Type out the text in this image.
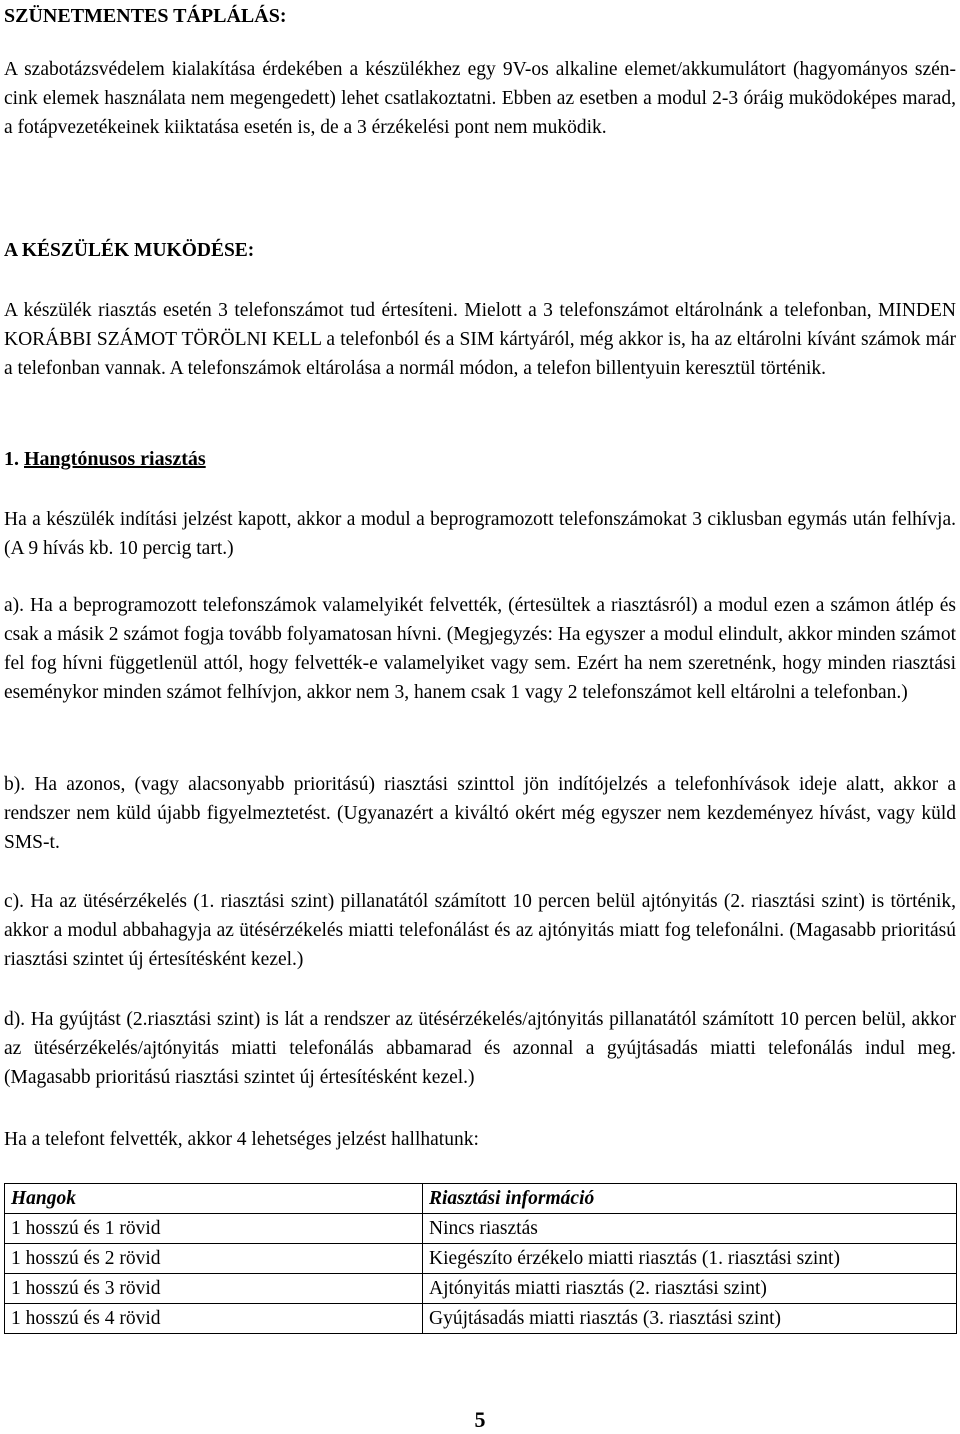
SZÜNETMENTES TÁPLÁLÁS:

A szabotázsvédelem kialakítása érdekében a készülékhez egy 9V-os alkaline elemet/akkumulátort (hagyományos szén-cink elemek használata nem megengedett) lehet csatlakoztatni. Ebben az esetben a modul 2-3 óráig muködoképes marad, a fotápvezetékeinek kiiktatása esetén is, de a 3 érzékelési pont nem muködik.

A KÉSZÜLÉK MUKÖDÉSE:

A készülék riasztás esetén 3 telefonszámot tud értesíteni. Mielott a 3 telefonszámot eltárolnánk a telefonban, MINDEN KORÁBBI SZÁMOT TÖRÖLNI KELL a telefonból és a SIM kártyáról, még akkor is, ha az eltárolni kívánt számok már a telefonban vannak. A telefonszámok eltárolása a normál módon, a telefon billentyuin keresztül történik.

1. Hangtónusos riasztás

Ha a készülék indítási jelzést kapott, akkor a modul a beprogramozott telefonszámokat 3 ciklusban egymás után felhívja. (A 9 hívás kb. 10 percig tart.)

a). Ha a beprogramozott telefonszámok valamelyikét felvették, (értesültek a riasztásról) a modul ezen a számon átlép és csak a másik 2 számot fogja tovább folyamatosan hívni. (Megjegyzés: Ha egyszer a modul elindult, akkor minden számot fel fog hívni függetlenül attól, hogy felvették-e valamelyiket vagy sem. Ezért ha nem szeretnénk, hogy minden riasztási eseménykor minden számot felhívjon, akkor nem 3, hanem csak 1 vagy 2 telefonszámot kell eltárolni a telefonban.)

b). Ha azonos, (vagy alacsonyabb prioritású) riasztási szinttol jön indítójelzés a telefonhívások ideje alatt, akkor a rendszer nem küld újabb figyelmeztetést. (Ugyanazért a kiváltó okért még egyszer nem kezdeményez hívást, vagy küld SMS-t.

c). Ha az ütésérzékelés (1. riasztási szint) pillanatától számított 10 percen belül ajtónyitás (2. riasztási szint) is történik, akkor a modul abbahagyja az ütésérzékelés miatti telefonálást és az ajtónyitás miatt fog telefonálni. (Magasabb prioritású riasztási szintet új értesítésként kezel.)

d). Ha gyújtást (2.riasztási szint) is lát a rendszer az ütésérzékelés/ajtónyitás pillanatától számított 10 percen belül, akkor az ütésérzékelés/ajtónyitás miatti telefonálás abbamarad és azonnal a gyújtásadás miatti telefonálás indul meg. (Magasabb prioritású riasztási szintet új értesítésként kezel.)

Ha a telefont felvették, akkor 4 lehetséges jelzést hallhatunk:

Hangok	Riasztási információ
1 hosszú és 1 rövid	Nincs riasztás
1 hosszú és 2 rövid	Kiegészíto érzékelo miatti riasztás (1. riasztási szint)
1 hosszú és 3 rövid	Ajtónyitás miatti riasztás (2. riasztási szint)
1 hosszú és 4 rövid	Gyújtásadás miatti riasztás (3. riasztási szint)
5
